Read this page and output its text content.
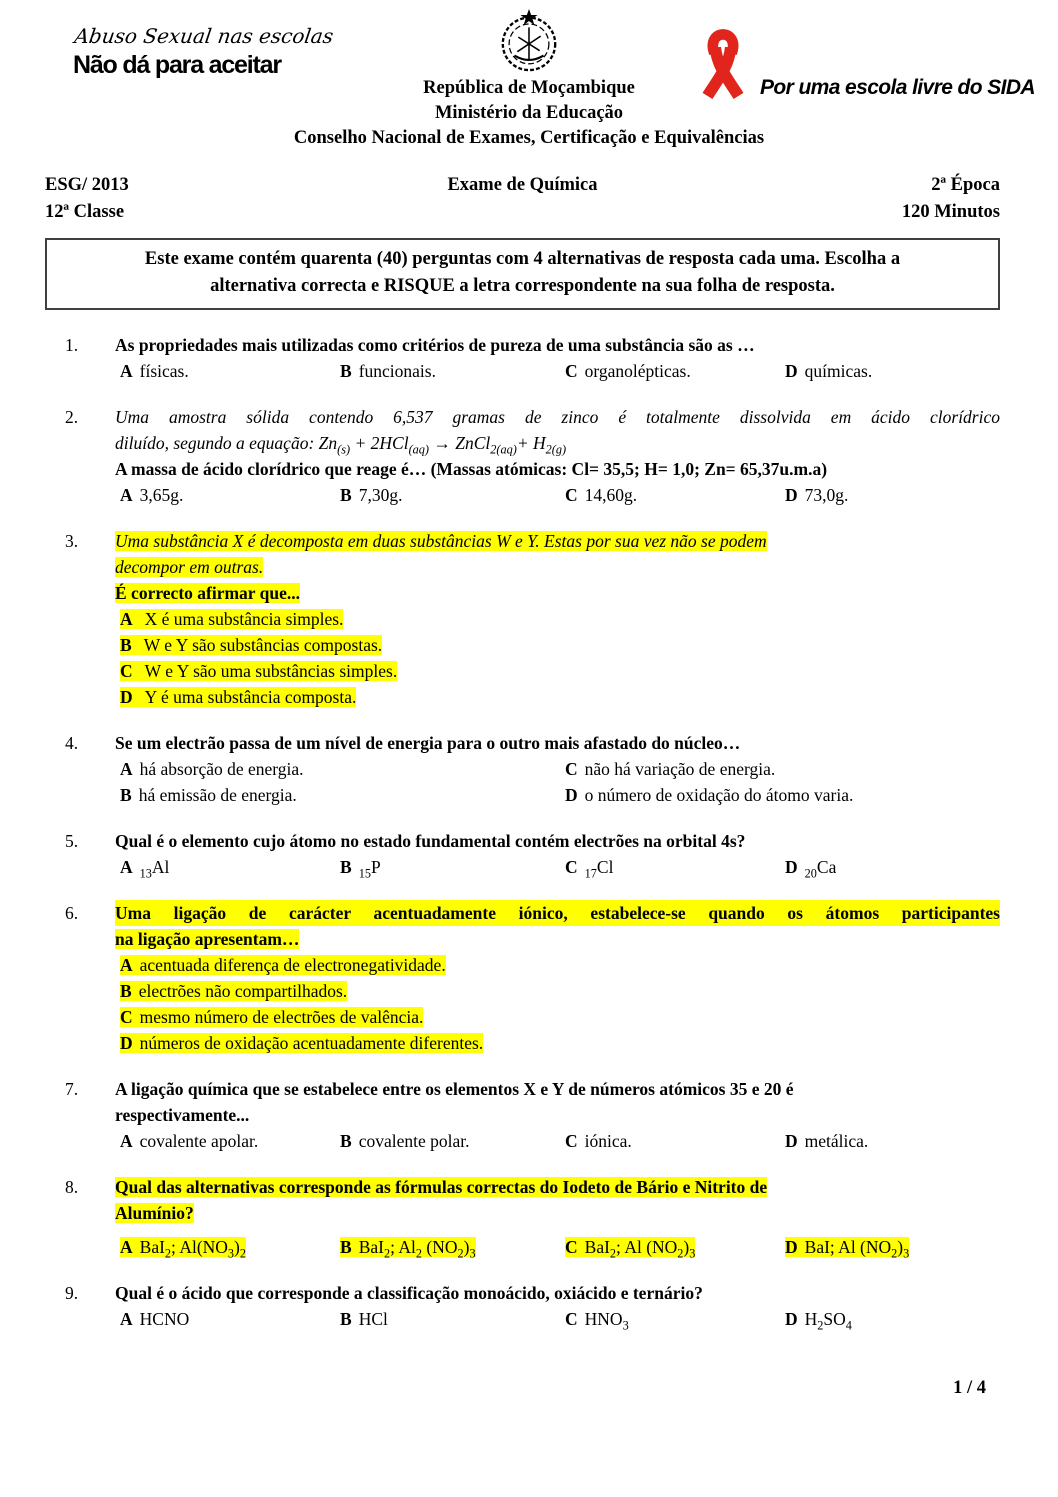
Abuso Sexual nas escolas
Não dá para aceitar
República de Moçambique
Ministério da Educação
Conselho Nacional de Exames, Certificação e Equivalências
Por uma escola livre do SIDA
ESG/ 2013
12ª Classe
Exame de Química	2ª Época
120 Minutos
Este exame contém quarenta (40) perguntas com 4 alternativas de resposta cada uma. Escolha a
alternativa correcta e RISQUE a letra correspondente na sua folha de resposta.
1.	As propriedades mais utilizadas como critérios de pureza de uma substância são as …
A físicas.	B funcionais.	C organolépticas.	D químicas.
2.	Uma amostra sólida contendo 6,537 gramas de zinco é totalmente dissolvida em ácido clorídrico
diluído, segundo a equação: $Zn_{(s)} + 2HCl_{(aq)}$ → ZnCl$_{2(aq)}$+ $H_{2(g)}$
A massa de ácido clorídrico que reage é… (Massas atómicas: Cl= 35,5; H= 1,0; Zn= 65,37u.m.a)
A 3,65g.	B 7,30g.	C 14,60g.	D 73,0g.
3.	Uma substância X é decomposta em duas substâncias W e Y. Estas por sua vez não se podem
decompor em outras.
É correcto afirmar que...
A X é uma substância simples.
B W e Y são substâncias compostas.
C W e Y são uma substâncias simples.
D Y é uma substância composta.
4.	Se um electrão passa de um nível de energia para o outro mais afastado do núcleo…
A há absorção de energia.	C não há variação de energia.
B há emissão de energia.	D o número de oxidação do átomo varia.
5.	Qual é o elemento cujo átomo no estado fundamental contém electrões na orbital 4s?
A $_{13}$Al	B $_{15}$P	C $_{17}$Cl	D $_{20}$Ca
6.	Uma ligação de carácter acentuadamente iónico, estabelece-se quando os átomos participantes
na ligação apresentam…
A acentuada diferença de electronegatividade.
B electrões não compartilhados.
C mesmo número de electrões de valência.
D números de oxidação acentuadamente diferentes.
7.	A ligação química que se estabelece entre os elementos X e Y de números atómicos 35 e 20 é
respectivamente...
A covalente apolar.	B covalente polar.	C iónica.	D metálica.
8.	Qual das alternativas corresponde as fórmulas correctas do Iodeto de Bário e Nitrito de
Alumínio?
A BaI$_2$; $Al(NO_3)_2$	B BaI$_2$; $Al_2$ $(NO_2)_3$	C BaI$_2$; Al $(NO_2)_3$	D BaI; Al $(NO_2)_3$
9.	Qual é o ácido que corresponde a classificação monoácido, oxiácido e ternário?
A HCNO	B HCl	C $HNO_3$	D $H_2SO_4$
1 / 4
